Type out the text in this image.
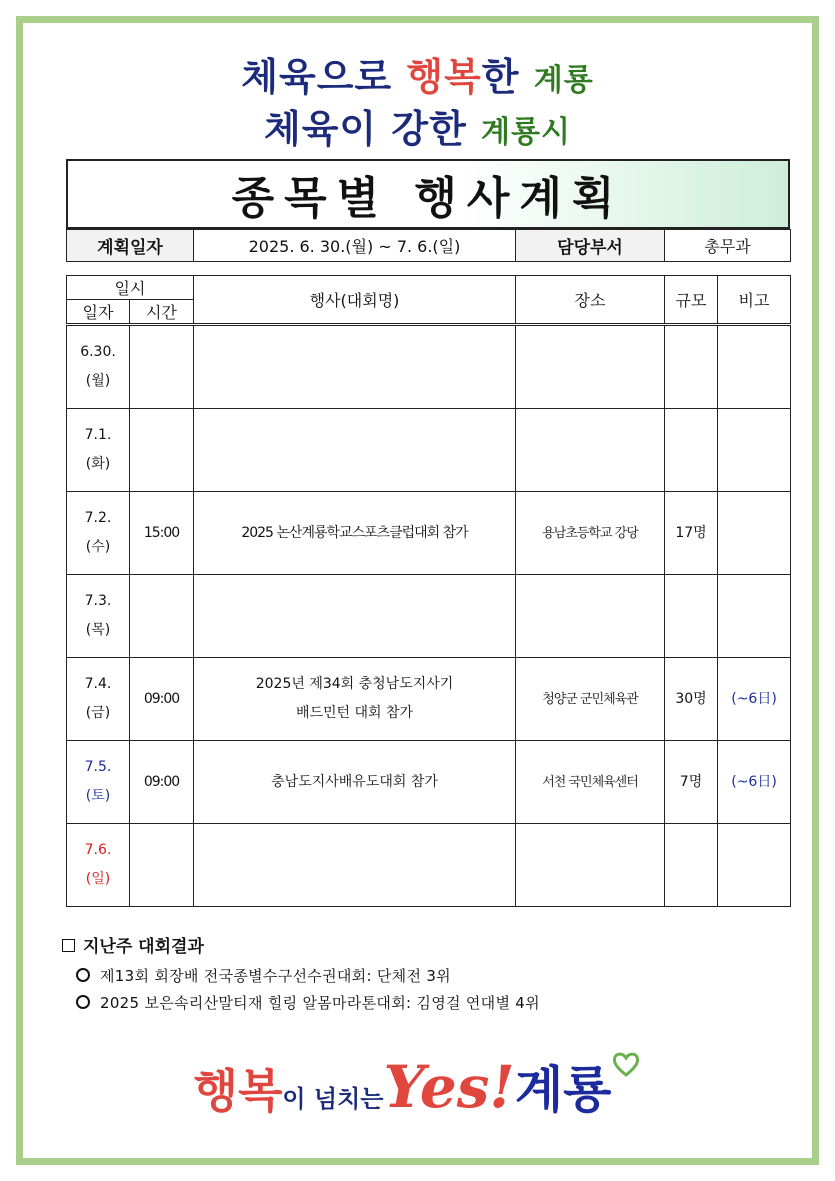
체육으로 행복한 계룡
체육이 강한 계룡시
종목별 행사계획
계획일자	2025. 6. 30.(월) ~ 7. 6.(일)	담당부서	총무과
일시		행사(대회명)	장소	규모	비고
일자	시간				
6.30.
(월)		

7.1.
(화)		

7.2.
(수)	15:00	2025 논산계룡학교스포츠클럽대회 참가	용남초등학교 강당	17명	
7.3.
(목)		

7.4.
(금)	09:00	2025년 제34회 충청남도지사기
배드민턴 대회 참가	청양군 군민체육관	30명	(~6日)
7.5.
(토)	09:00	충남도지사배유도대회 참가	서천 국민체육센터	7명	(~6日)
7.6.
(일)		

지난주 대회결과
제13회 회장배 전국종별수구선수권대회: 단체전 3위
2025 보은속리산말티재 힐링 알몸마라톤대회: 김영걸 연대별 4위
행복이 넘치는Yes!계룡
